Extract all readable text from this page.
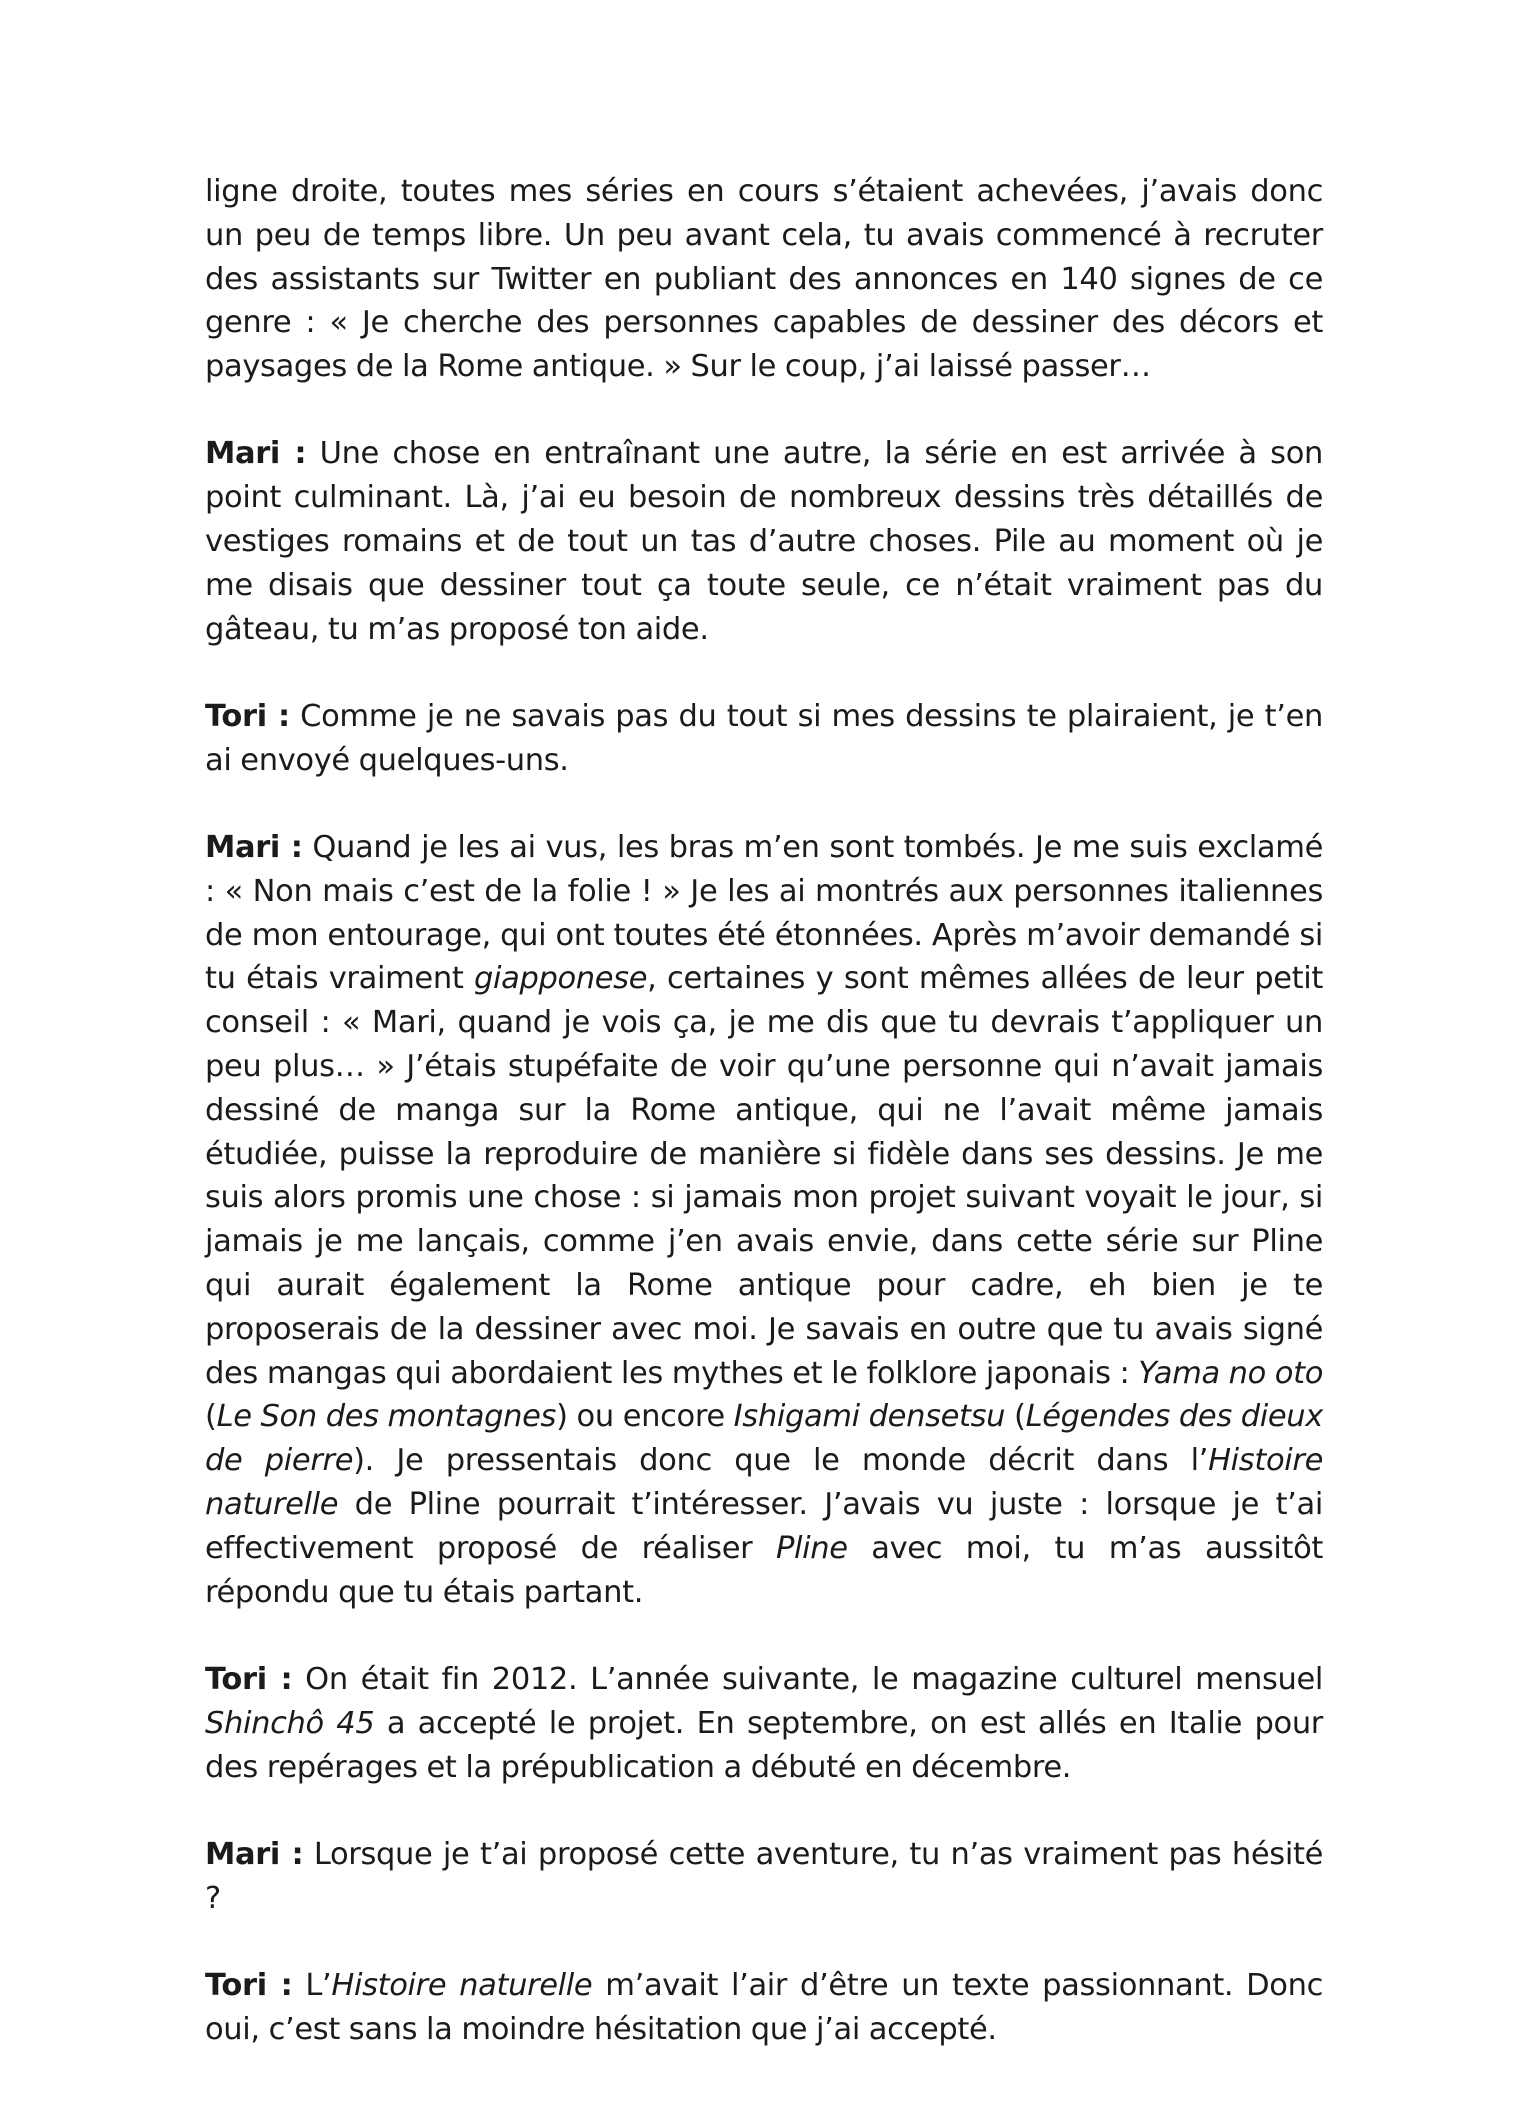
ligne droite, toutes mes séries en cours s’étaient achevées, j’avais donc un peu de temps libre. Un peu avant cela, tu avais commencé à recruter des assistants sur Twitter en publiant des annonces en 140 signes de ce genre : « Je cherche des personnes capables de dessiner des décors et paysages de la Rome antique. » Sur le coup, j’ai laissé passer…

Mari : Une chose en entraînant une autre, la série en est arrivée à son point culminant. Là, j’ai eu besoin de nombreux dessins très détaillés de vestiges romains et de tout un tas d’autre choses. Pile au moment où je me disais que dessiner tout ça toute seule, ce n’était vraiment pas du gâteau, tu m’as proposé ton aide.

Tori : Comme je ne savais pas du tout si mes dessins te plairaient, je t’en ai envoyé quelques-uns.

Mari : Quand je les ai vus, les bras m’en sont tombés. Je me suis exclamé : « Non mais c’est de la folie ! » Je les ai montrés aux personnes italiennes de mon entourage, qui ont toutes été étonnées. Après m’avoir demandé si tu étais vraiment giapponese, certaines y sont mêmes allées de leur petit conseil : « Mari, quand je vois ça, je me dis que tu devrais t’appliquer un peu plus… » J’étais stupéfaite de voir qu’une personne qui n’avait jamais dessiné de manga sur la Rome antique, qui ne l’avait même jamais étudiée, puisse la reproduire de manière si fidèle dans ses dessins. Je me suis alors promis une chose : si jamais mon projet suivant voyait le jour, si jamais je me lançais, comme j’en avais envie, dans cette série sur Pline qui aurait également la Rome antique pour cadre, eh bien je te proposerais de la dessiner avec moi. Je savais en outre que tu avais signé des mangas qui abordaient les mythes et le folklore japonais : Yama no oto (Le Son des montagnes) ou encore Ishigami densetsu (Légendes des dieux de pierre). Je pressentais donc que le monde décrit dans l’Histoire naturelle de Pline pourrait t’intéresser. J’avais vu juste : lorsque je t’ai effectivement proposé de réaliser Pline avec moi, tu m’as aussitôt répondu que tu étais partant.

Tori : On était fin 2012. L’année suivante, le magazine culturel mensuel Shinchô 45 a accepté le projet. En septembre, on est allés en Italie pour des repérages et la prépublication a débuté en décembre.

Mari : Lorsque je t’ai proposé cette aventure, tu n’as vraiment pas hésité ?

Tori : L’Histoire naturelle m’avait l’air d’être un texte passionnant. Donc oui, c’est sans la moindre hésitation que j’ai accepté.
